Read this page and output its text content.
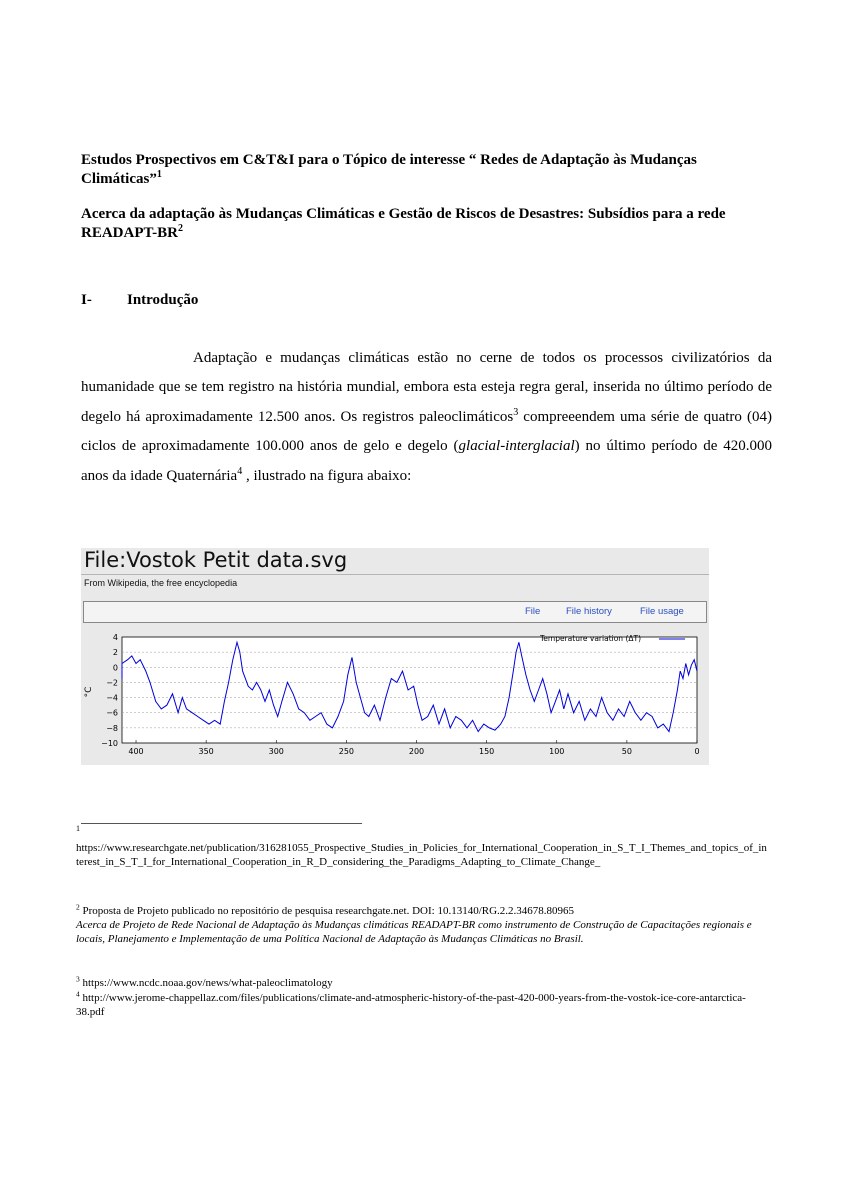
Estudos Prospectivos em C&T&I para o Tópico de interesse “ Redes de Adaptação às Mudanças Climáticas”$^1$
Acerca da adaptação às Mudanças Climáticas e Gestão de Riscos de Desastres: Subsídios para a rede READAPT-$BR^2$
I- Introdução
Adaptação e mudanças climáticas estão no cerne de todos os processos civilizatórios da humanidade que se tem registro na história mundial, embora esta esteja regra geral, inserida no último período de degelo há aproximadamente 12.500 anos. Os registros paleoclimáticos$^3$ compreeendem uma série de quatro (04) ciclos de aproximadamente 100.000 anos de gelo e degelo (glacial-interglacial) no último período de 420.000 anos da idade Quaternária$^4$ , ilustrado na figura abaixo:
File:Vostok Petit data.svg
From Wikipedia, the free encyclopedia
File	File history	File usage
4
2
0
−2
−4
−6
−8
−10
400	350	300	250	200	150	100	50	0
°C
Temperature variation (ΔT)
1
https://www.researchgate.net/publication/316281055_Prospective_Studies_in_Policies_for_International_Cooperation_in_S_T_I_Themes_and_topics_of_interest_in_S_T_I_for_International_Cooperation_in_R_D_considering_the_Paradigms_Adapting_to_Climate_Change_
$^2$ Proposta de Projeto publicado no repositório de pesquisa researchgate.net. DOI: 10.13140/RG.2.2.34678.80965
Acerca de Projeto de Rede Nacional de Adaptação às Mudanças climáticas READAPT-BR como instrumento de Construção de Capacitações regionais e locais, Planejamento e Implementação de uma Política Nacional de Adaptação às Mudanças Climáticas no Brasil.
$^3$ https://www.ncdc.noaa.gov/news/what-paleoclimatology
$^4$ http://www.jerome-chappellaz.com/files/publications/climate-and-atmospheric-history-of-the-past-420-000-years-from-the-vostok-ice-core-antarctica-38.pdf
